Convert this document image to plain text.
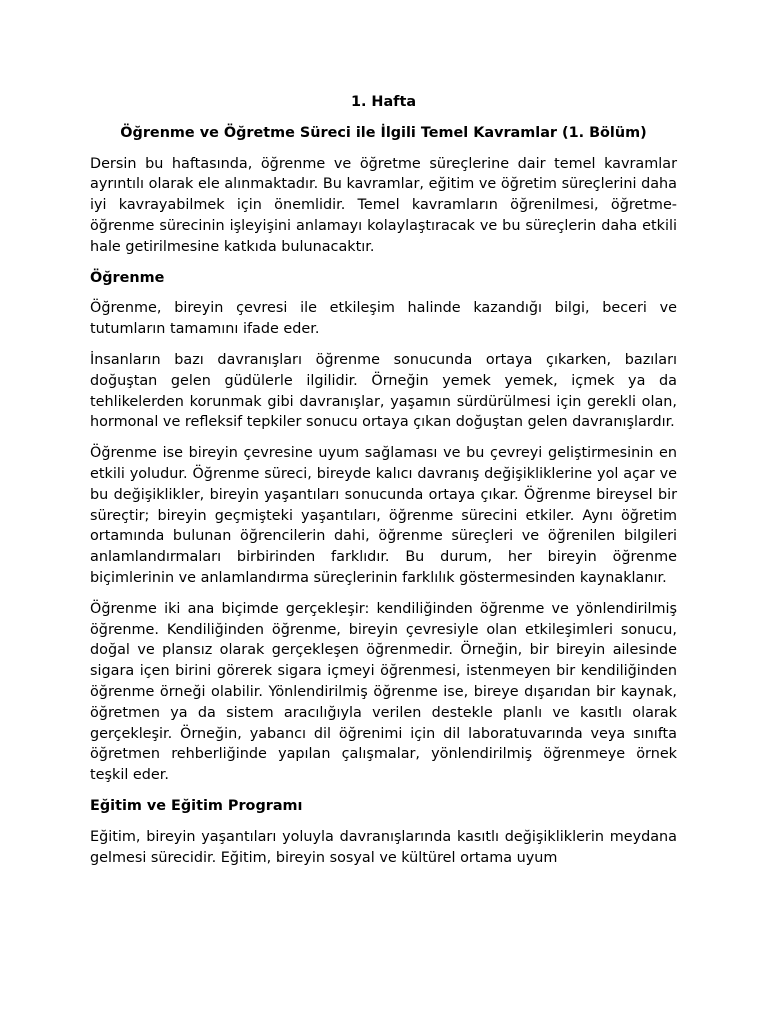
1. Hafta
Öğrenme ve Öğretme Süreci ile İlgili Temel Kavramlar (1. Bölüm)

Dersin bu haftasında, öğrenme ve öğretme süreçlerine dair temel kavramlar ayrıntılı olarak ele alınmaktadır. Bu kavramlar, eğitim ve öğretim süreçlerini daha iyi kavrayabilmek için önemlidir. Temel kavramların öğrenilmesi, öğretme-öğrenme sürecinin işleyişini anlamayı kolaylaştıracak ve bu süreçlerin daha etkili hale getirilmesine katkıda bulunacaktır.

Öğrenme

Öğrenme, bireyin çevresi ile etkileşim halinde kazandığı bilgi, beceri ve tutumların tamamını ifade eder.

İnsanların bazı davranışları öğrenme sonucunda ortaya çıkarken, bazıları doğuştan gelen güdülerle ilgilidir. Örneğin yemek yemek, içmek ya da tehlikelerden korunmak gibi davranışlar, yaşamın sürdürülmesi için gerekli olan, hormonal ve refleksif tepkiler sonucu ortaya çıkan doğuştan gelen davranışlardır.

Öğrenme ise bireyin çevresine uyum sağlaması ve bu çevreyi geliştirmesinin en etkili yoludur. Öğrenme süreci, bireyde kalıcı davranış değişikliklerine yol açar ve bu değişiklikler, bireyin yaşantıları sonucunda ortaya çıkar. Öğrenme bireysel bir süreçtir; bireyin geçmişteki yaşantıları, öğrenme sürecini etkiler. Aynı öğretim ortamında bulunan öğrencilerin dahi, öğrenme süreçleri ve öğrenilen bilgileri anlamlandırmaları birbirinden farklıdır. Bu durum, her bireyin öğrenme biçimlerinin ve anlamlandırma süreçlerinin farklılık göstermesinden kaynaklanır.

Öğrenme iki ana biçimde gerçekleşir: kendiliğinden öğrenme ve yönlendirilmiş öğrenme. Kendiliğinden öğrenme, bireyin çevresiyle olan etkileşimleri sonucu, doğal ve plansız olarak gerçekleşen öğrenmedir. Örneğin, bir bireyin ailesinde sigara içen birini görerek sigara içmeyi öğrenmesi, istenmeyen bir kendiliğinden öğrenme örneği olabilir. Yönlendirilmiş öğrenme ise, bireye dışarıdan bir kaynak, öğretmen ya da sistem aracılığıyla verilen destekle planlı ve kasıtlı olarak gerçekleşir. Örneğin, yabancı dil öğrenimi için dil laboratuvarında veya sınıfta öğretmen rehberliğinde yapılan çalışmalar, yönlendirilmiş öğrenmeye örnek teşkil eder.

Eğitim ve Eğitim Programı

Eğitim, bireyin yaşantıları yoluyla davranışlarında kasıtlı değişikliklerin meydana gelmesi sürecidir. Eğitim, bireyin sosyal ve kültürel ortama uyum
